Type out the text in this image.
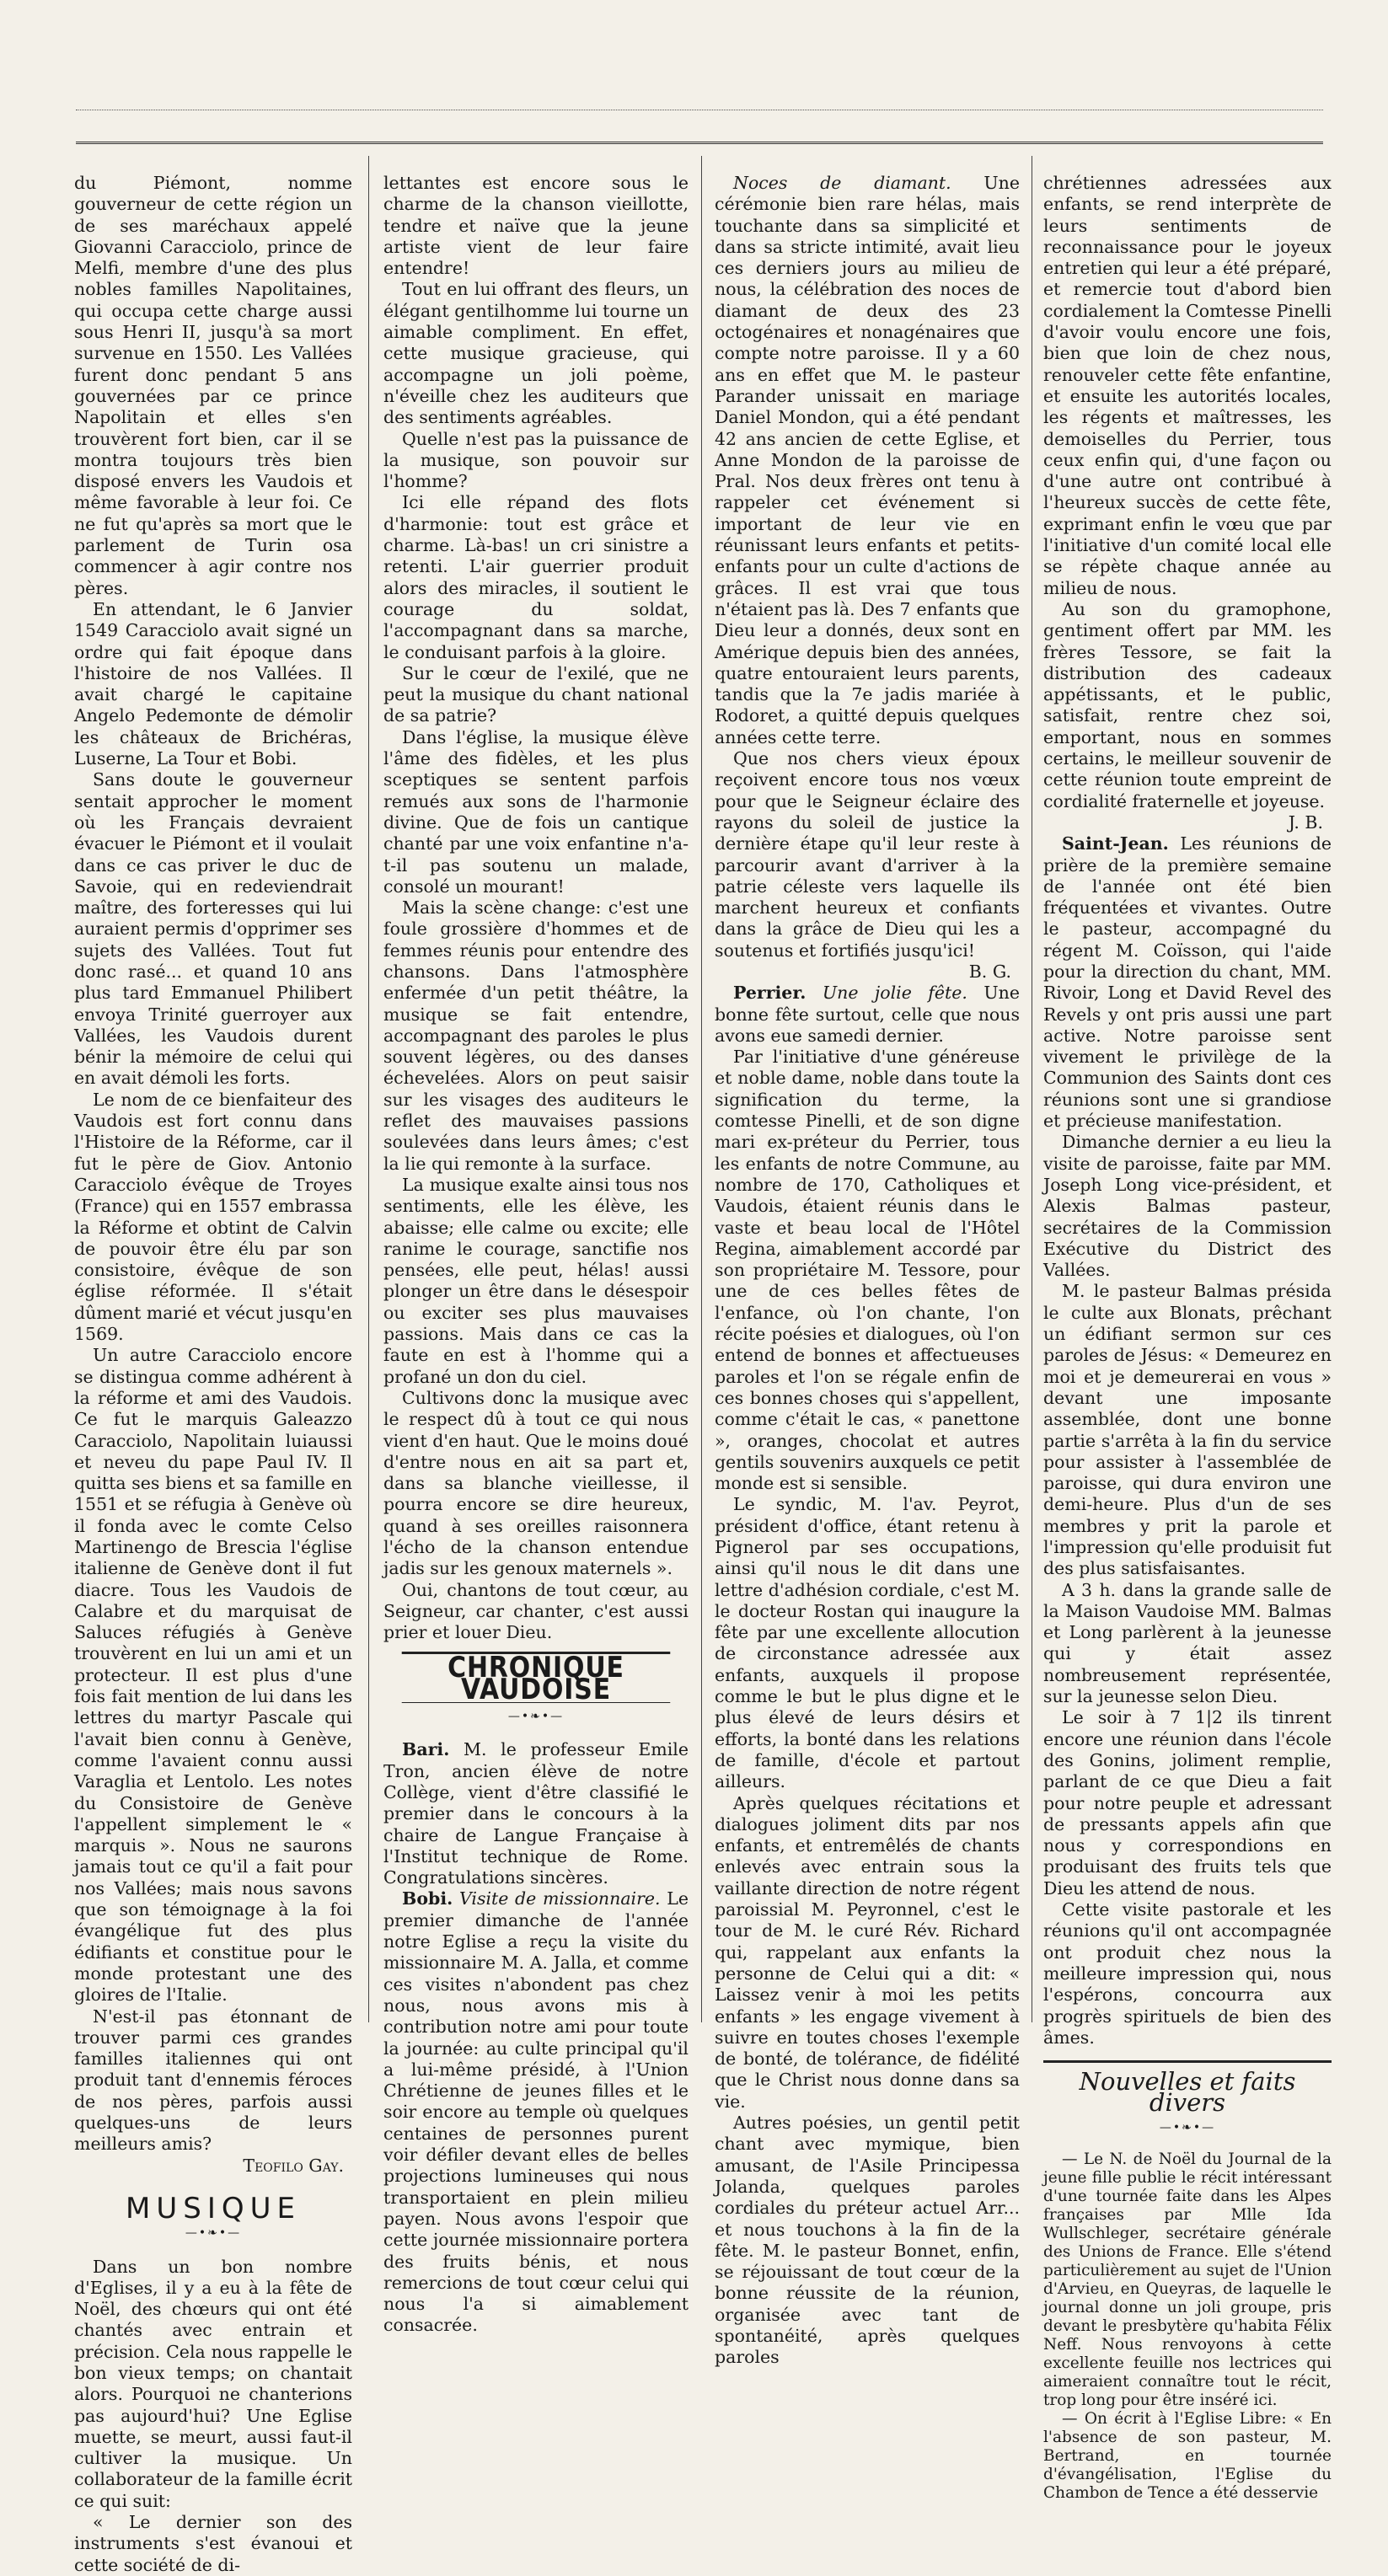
du Piémont, nomme gouverneur de cette région un de ses maréchaux appelé Giovanni Caracciolo, prince de Melfi, membre d'une des plus nobles familles Napolitaines, qui occupa cette charge aussi sous Henri II, jusqu'à sa mort survenue en 1550. Les Vallées furent donc pendant 5 ans gouvernées par ce prince Napolitain et elles s'en trouvèrent fort bien, car il se montra toujours très bien disposé envers les Vaudois et même favorable à leur foi. Ce ne fut qu'après sa mort que le parlement de Turin osa commencer à agir contre nos pères.

En attendant, le 6 Janvier 1549 Caracciolo avait signé un ordre qui fait époque dans l'histoire de nos Vallées. Il avait chargé le capitaine Angelo Pedemonte de démolir les châteaux de Brichéras, Luserne, La Tour et Bobi.

Sans doute le gouverneur sentait approcher le moment où les Français devraient évacuer le Piémont et il voulait dans ce cas priver le duc de Savoie, qui en redeviendrait maître, des forteresses qui lui auraient permis d'opprimer ses sujets des Vallées. Tout fut donc rasé... et quand 10 ans plus tard Emmanuel Philibert envoya Trinité guerroyer aux Vallées, les Vaudois durent bénir la mémoire de celui qui en avait démoli les forts.

Le nom de ce bienfaiteur des Vaudois est fort connu dans l'Histoire de la Réforme, car il fut le père de Giov. Antonio Caracciolo évêque de Troyes (France) qui en 1557 embrassa la Réforme et obtint de Calvin de pouvoir être élu par son consistoire, évêque de son église réformée. Il s'était dûment marié et vécut jusqu'en 1569.

Un autre Caracciolo encore se distingua comme adhérent à la réforme et ami des Vaudois. Ce fut le marquis Galeazzo Caracciolo, Napolitain luiaussi et neveu du pape Paul IV. Il quitta ses biens et sa famille en 1551 et se réfugia à Genève où il fonda avec le comte Celso Martinengo de Brescia l'église italienne de Genève dont il fut diacre. Tous les Vaudois de Calabre et du marquisat de Saluces réfugiés à Genève trouvèrent en lui un ami et un protecteur. Il est plus d'une fois fait mention de lui dans les lettres du martyr Pascale qui l'avait bien connu à Genève, comme l'avaient connu aussi Varaglia et Lentolo. Les notes du Consistoire de Genève l'appellent simplement le « marquis ». Nous ne saurons jamais tout ce qu'il a fait pour nos Vallées; mais nous savons que son témoignage à la foi évangélique fut des plus édifiants et constitue pour le monde protestant une des gloires de l'Italie.

N'est-il pas étonnant de trouver parmi ces grandes familles italiennes qui ont produit tant d'ennemis féroces de nos pères, parfois aussi quelques-uns de leurs meilleurs amis?

Teofilo Gay.
MUSIQUE
—•❧•—

Dans un bon nombre d'Eglises, il y a eu à la fête de Noël, des chœurs qui ont été chantés avec entrain et précision. Cela nous rappelle le bon vieux temps; on chantait alors. Pourquoi ne chanterions pas aujourd'hui? Une Eglise muette, se meurt, aussi faut-il cultiver la musique. Un collaborateur de la famille écrit ce qui suit:

« Le dernier son des instruments s'est évanoui et cette société de di-

lettantes est encore sous le charme de la chanson vieillotte, tendre et naïve que la jeune artiste vient de leur faire entendre!

Tout en lui offrant des fleurs, un élégant gentilhomme lui tourne un aimable compliment. En effet, cette musique gracieuse, qui accompagne un joli poème, n'éveille chez les auditeurs que des sentiments agréables.

Quelle n'est pas la puissance de la musique, son pouvoir sur l'homme?

Ici elle répand des flots d'harmonie: tout est grâce et charme. Là-bas! un cri sinistre a retenti. L'air guerrier produit alors des miracles, il soutient le courage du soldat, l'accompagnant dans sa marche, le conduisant parfois à la gloire.

Sur le cœur de l'exilé, que ne peut la musique du chant national de sa patrie?

Dans l'église, la musique élève l'âme des fidèles, et les plus sceptiques se sentent parfois remués aux sons de l'harmonie divine. Que de fois un cantique chanté par une voix enfantine n'a-t-il pas soutenu un malade, consolé un mourant!

Mais la scène change: c'est une foule grossière d'hommes et de femmes réunis pour entendre des chansons. Dans l'atmosphère enfermée d'un petit théâtre, la musique se fait entendre, accompagnant des paroles le plus souvent légères, ou des danses échevelées. Alors on peut saisir sur les visages des auditeurs le reflet des mauvaises passions soulevées dans leurs âmes; c'est la lie qui remonte à la surface.

La musique exalte ainsi tous nos sentiments, elle les élève, les abaisse; elle calme ou excite; elle ranime le courage, sanctifie nos pensées, elle peut, hélas! aussi plonger un être dans le désespoir ou exciter ses plus mauvaises passions. Mais dans ce cas la faute en est à l'homme qui a profané un don du ciel.

Cultivons donc la musique avec le respect dû à tout ce qui nous vient d'en haut. Que le moins doué d'entre nous en ait sa part et, dans sa blanche vieillesse, il pourra encore se dire heureux, quand à ses oreilles raisonnera l'écho de la chanson entendue jadis sur les genoux maternels ».

Oui, chantons de tout cœur, au Seigneur, car chanter, c'est aussi prier et louer Dieu.

CHRONIQUE VAUDOISE
—•❧•—

Bari. M. le professeur Emile Tron, ancien élève de notre Collège, vient d'être classifié le premier dans le concours à la chaire de Langue Française à l'Institut technique de Rome. Congratulations sincères.

Bobi. Visite de missionnaire. Le premier dimanche de l'année notre Eglise a reçu la visite du missionnaire M. A. Jalla, et comme ces visites n'abondent pas chez nous, nous avons mis à contribution notre ami pour toute la journée: au culte principal qu'il a lui-même présidé, à l'Union Chrétienne de jeunes filles et le soir encore au temple où quelques centaines de personnes purent voir défiler devant elles de belles projections lumineuses qui nous transportaient en plein milieu payen. Nous avons l'espoir que cette journée missionnaire portera des fruits bénis, et nous remercions de tout cœur celui qui nous l'a si aimablement consacrée.

Noces de diamant. Une cérémonie bien rare hélas, mais touchante dans sa simplicité et dans sa stricte intimité, avait lieu ces derniers jours au milieu de nous, la célébration des noces de diamant de deux des 23 octogénaires et nonagénaires que compte notre paroisse. Il y a 60 ans en effet que M. le pasteur Parander unissait en mariage Daniel Mondon, qui a été pendant 42 ans ancien de cette Eglise, et Anne Mondon de la paroisse de Pral. Nos deux frères ont tenu à rappeler cet événement si important de leur vie en réunissant leurs enfants et petits-enfants pour un culte d'actions de grâces. Il est vrai que tous n'étaient pas là. Des 7 enfants que Dieu leur a donnés, deux sont en Amérique depuis bien des années, quatre entouraient leurs parents, tandis que la 7e jadis mariée à Rodoret, a quitté depuis quelques années cette terre.

Que nos chers vieux époux reçoivent encore tous nos vœux pour que le Seigneur éclaire des rayons du soleil de justice la dernière étape qu'il leur reste à parcourir avant d'arriver à la patrie céleste vers laquelle ils marchent heureux et confiants dans la grâce de Dieu qui les a soutenus et fortifiés jusqu'ici!

B. G.

Perrier. Une jolie fête. Une bonne fête surtout, celle que nous avons eue samedi dernier.

Par l'initiative d'une généreuse et noble dame, noble dans toute la signification du terme, la comtesse Pinelli, et de son digne mari ex-préteur du Perrier, tous les enfants de notre Commune, au nombre de 170, Catholiques et Vaudois, étaient réunis dans le vaste et beau local de l'Hôtel Regina, aimablement accordé par son propriétaire M. Tessore, pour une de ces belles fêtes de l'enfance, où l'on chante, l'on récite poésies et dialogues, où l'on entend de bonnes et affectueuses paroles et l'on se régale enfin de ces bonnes choses qui s'appellent, comme c'était le cas, « panettone », oranges, chocolat et autres gentils souvenirs auxquels ce petit monde est si sensible.

Le syndic, M. l'av. Peyrot, président d'office, étant retenu à Pignerol par ses occupations, ainsi qu'il nous le dit dans une lettre d'adhésion cordiale, c'est M. le docteur Rostan qui inaugure la fête par une excellente allocution de circonstance adressée aux enfants, auxquels il propose comme le but le plus digne et le plus élevé de leurs désirs et efforts, la bonté dans les relations de famille, d'école et partout ailleurs.

Après quelques récitations et dialogues joliment dits par nos enfants, et entremêlés de chants enlevés avec entrain sous la vaillante direction de notre régent paroissial M. Peyronnel, c'est le tour de M. le curé Rév. Richard qui, rappelant aux enfants la personne de Celui qui a dit: « Laissez venir à moi les petits enfants » les engage vivement à suivre en toutes choses l'exemple de bonté, de tolérance, de fidélité que le Christ nous donne dans sa vie.

Autres poésies, un gentil petit chant avec mymique, bien amusant, de l'Asile Principessa Jolanda, quelques paroles cordiales du préteur actuel Arr... et nous touchons à la fin de la fête. M. le pasteur Bonnet, enfin, se réjouissant de tout cœur de la bonne réussite de la réunion, organisée avec tant de spontanéité, après quelques paroles

chrétiennes adressées aux enfants, se rend interprète de leurs sentiments de reconnaissance pour le joyeux entretien qui leur a été préparé, et remercie tout d'abord bien cordialement la Comtesse Pinelli d'avoir voulu encore une fois, bien que loin de chez nous, renouveler cette fête enfantine, et ensuite les autorités locales, les régents et maîtresses, les demoiselles du Perrier, tous ceux enfin qui, d'une façon ou d'une autre ont contribué à l'heureux succès de cette fête, exprimant enfin le vœu que par l'initiative d'un comité local elle se répète chaque année au milieu de nous.

Au son du gramophone, gentiment offert par MM. les frères Tessore, se fait la distribution des cadeaux appétissants, et le public, satisfait, rentre chez soi, emportant, nous en sommes certains, le meilleur souvenir de cette réunion toute empreint de cordialité fraternelle et joyeuse.

J. B.

Saint-Jean. Les réunions de prière de la première semaine de l'année ont été bien fréquentées et vivantes. Outre le pasteur, accompagné du régent M. Coïsson, qui l'aide pour la direction du chant, MM. Rivoir, Long et David Revel des Revels y ont pris aussi une part active. Notre paroisse sent vivement le privilège de la Communion des Saints dont ces réunions sont une si grandiose et précieuse manifestation.

Dimanche dernier a eu lieu la visite de paroisse, faite par MM. Joseph Long vice-président, et Alexis Balmas pasteur, secrétaires de la Commission Exécutive du District des Vallées.

M. le pasteur Balmas présida le culte aux Blonats, prêchant un édifiant sermon sur ces paroles de Jésus: « Demeurez en moi et je demeurerai en vous » devant une imposante assemblée, dont une bonne partie s'arrêta à la fin du service pour assister à l'assemblée de paroisse, qui dura environ une demi-heure. Plus d'un de ses membres y prit la parole et l'impression qu'elle produisit fut des plus satisfaisantes.

A 3 h. dans la grande salle de la Maison Vaudoise MM. Balmas et Long parlèrent à la jeunesse qui y était assez nombreusement représentée, sur la jeunesse selon Dieu.

Le soir à 7 1|2 ils tinrent encore une réunion dans l'école des Gonins, joliment remplie, parlant de ce que Dieu a fait pour notre peuple et adressant de pressants appels afin que nous y correspondions en produisant des fruits tels que Dieu les attend de nous.

Cette visite pastorale et les réunions qu'il ont accompagnée ont produit chez nous la meilleure impression qui, nous l'espérons, concourra aux progrès spirituels de bien des âmes.

Nouvelles et faits divers
—•❧•—

— Le N. de Noël du Journal de la jeune fille publie le récit intéressant d'une tournée faite dans les Alpes françaises par Mlle Ida Wullschleger, secrétaire générale des Unions de France. Elle s'étend particulièrement au sujet de l'Union d'Arvieu, en Queyras, de laquelle le journal donne un joli groupe, pris devant le presbytère qu'habita Félix Neff. Nous renvoyons à cette excellente feuille nos lectrices qui aimeraient connaître tout le récit, trop long pour être inséré ici.

— On écrit à l'Eglise Libre: « En l'absence de son pasteur, M. Bertrand, en tournée d'évangélisation, l'Eglise du Chambon de Tence a été desservie
